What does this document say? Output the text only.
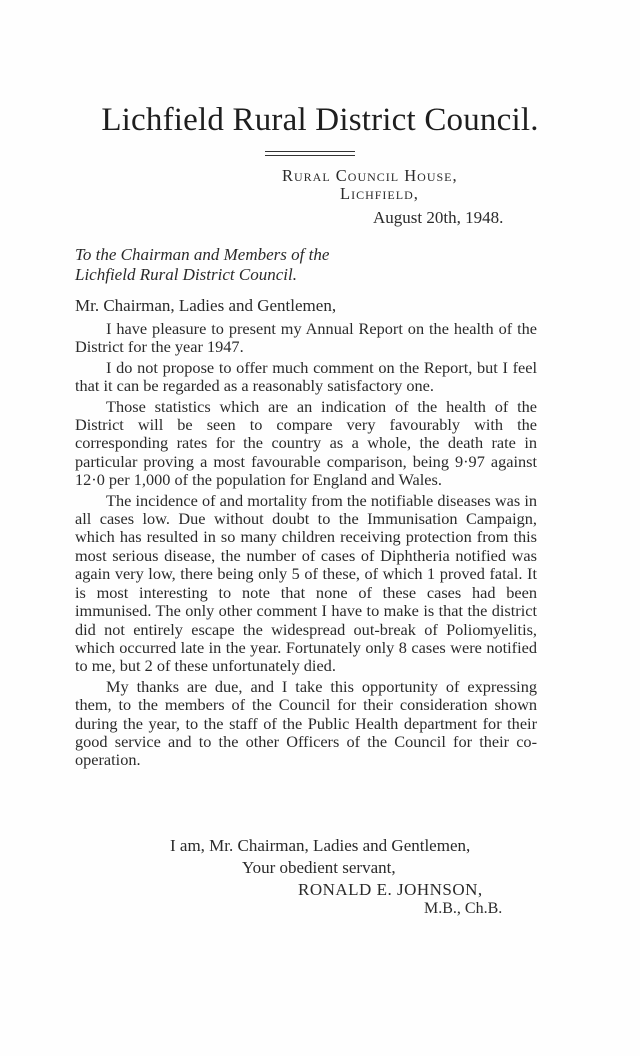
Lichfield Rural District Council.
Rural Council House,
Lichfield,
August 20th, 1948.
To the Chairman and Members of the
Lichfield Rural District Council.
Mr. Chairman, Ladies and Gentlemen,

I have pleasure to present my Annual Report on the health of the District for the year 1947.

I do not propose to offer much comment on the Report, but I feel that it can be regarded as a reasonably satisfactory one.

Those statistics which are an indication of the health of the District will be seen to compare very favourably with the corresponding rates for the country as a whole, the death rate in particular proving a most favourable comparison, being 9·97 against 12·0 per 1,000 of the population for England and Wales.

The incidence of and mortality from the notifiable diseases was in all cases low. Due without doubt to the Immunisation Campaign, which has resulted in so many children receiving protection from this most serious disease, the number of cases of Diphtheria notified was again very low, there being only 5 of these, of which 1 proved fatal. It is most interesting to note that none of these cases had been immunised. The only other comment I have to make is that the district did not entirely escape the widespread out-break of Poliomyelitis, which occurred late in the year. Fortunately only 8 cases were notified to me, but 2 of these unfortunately died.

My thanks are due, and I take this opportunity of expressing them, to the members of the Council for their consideration shown during the year, to the staff of the Public Health department for their good service and to the other Officers of the Council for their co-operation.

I am, Mr. Chairman, Ladies and Gentlemen,
Your obedient servant,
RONALD E. JOHNSON,
M.B., Ch.B.
